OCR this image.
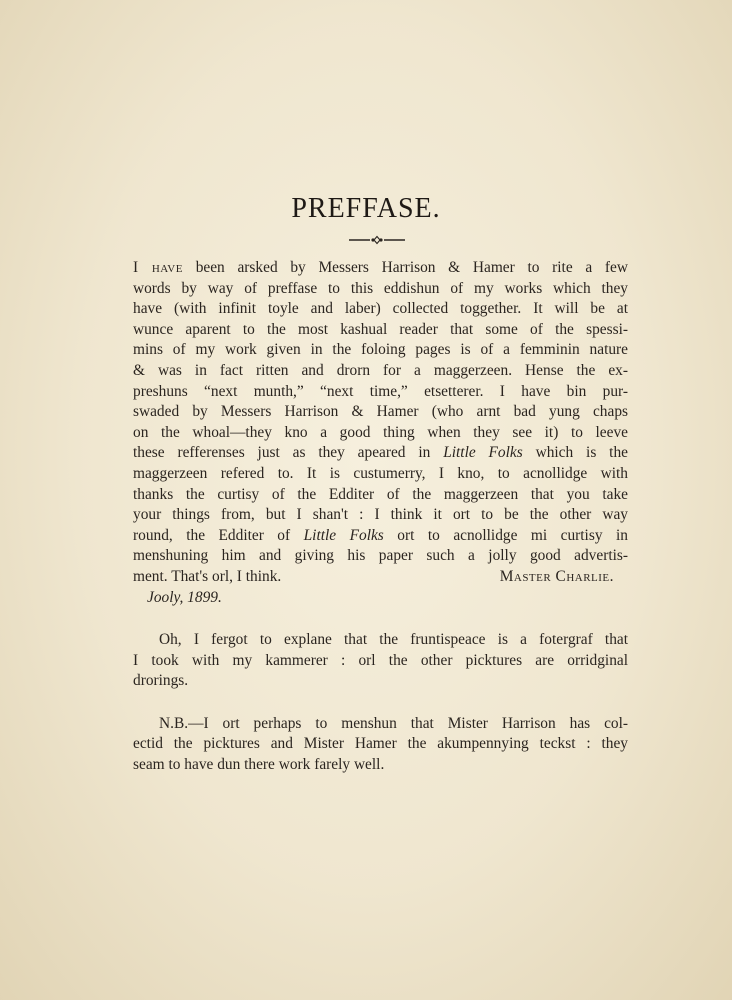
PREFFASE.

I have been arsked by Messers Harrison & Hamer to rite a few
words by way of preffase to this eddishun of my works which they
have (with infinit toyle and laber) collected toggether. It will be at
wunce aparent to the most kashual reader that some of the spessi-
mins of my work given in the foloing pages is of a femminin nature
& was in fact ritten and drorn for a maggerzeen. Hense the ex-
preshuns “next munth,” “next time,” etsetterer. I have bin pur-
swaded by Messers Harrison & Hamer (who arnt bad yung chaps
on the whoal—they kno a good thing when they see it) to leeve
these refferenses just as they apeared in Little Folks which is the
maggerzeen refered to. It is custumerry, I kno, to acnollidge with
thanks the curtisy of the Edditer of the maggerzeen that you take
your things from, but I shan't : I think it ort to be the other way
round, the Edditer of Little Folks ort to acnollidge mi curtisy in
menshuning him and giving his paper such a jolly good advertis-
ment. That's orl, I think.	Master Charlie.
Jooly, 1899.

Oh, I fergot to explane that the fruntispeace is a fotergraf that
I took with my kammerer : orl the other picktures are orridginal
drorings.

N.B.—I ort perhaps to menshun that Mister Harrison has col-
ectid the picktures and Mister Hamer the akumpennying teckst : they
seam to have dun there work farely well.
